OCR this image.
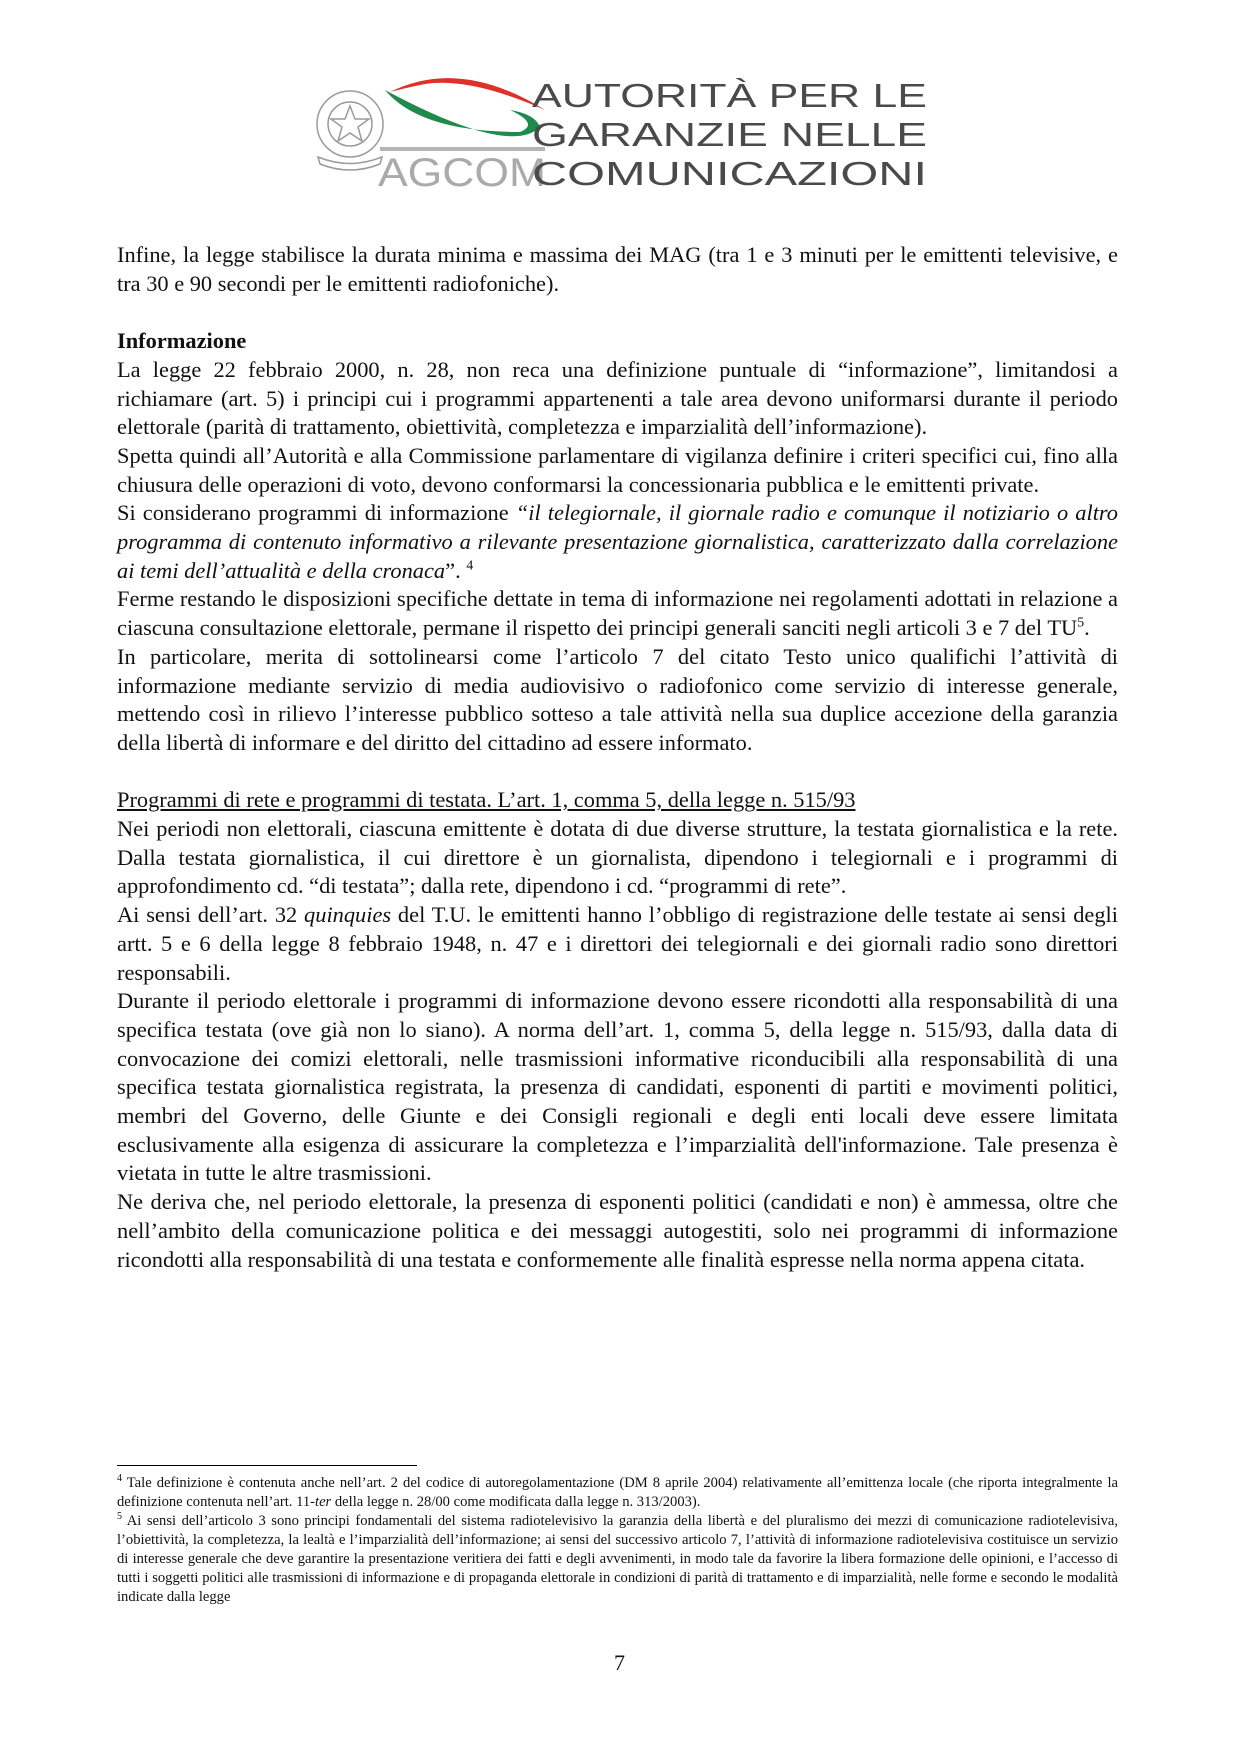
AGCOM
AUTORITÀ PER LE
GARANZIE NELLE
COMUNICAZIONI

Infine, la legge stabilisce la durata minima e massima dei MAG (tra 1 e 3 minuti per le emittenti televisive, e tra 30 e 90 secondi per le emittenti radiofoniche).

Informazione

La legge 22 febbraio 2000, n. 28, non reca una definizione puntuale di “informazione”, limitandosi a richiamare (art. 5) i principi cui i programmi appartenenti a tale area devono uniformarsi durante il periodo elettorale (parità di trattamento, obiettività, completezza e imparzialità dell’informazione).

Spetta quindi all’Autorità e alla Commissione parlamentare di vigilanza definire i criteri specifici cui, fino alla chiusura delle operazioni di voto, devono conformarsi la concessionaria pubblica e le emittenti private.

Si considerano programmi di informazione “il telegiornale, il giornale radio e comunque il notiziario o altro programma di contenuto informativo a rilevante presentazione giornalistica, caratterizzato dalla correlazione ai temi dell’attualità e della cronaca”. $^4$

Ferme restando le disposizioni specifiche dettate in tema di informazione nei regolamenti adottati in relazione a ciascuna consultazione elettorale, permane il rispetto dei principi generali sanciti negli articoli 3 e 7 del $TU^5$.

In particolare, merita di sottolinearsi come l’articolo 7 del citato Testo unico qualifichi l’attività di informazione mediante servizio di media audiovisivo o radiofonico come servizio di interesse generale, mettendo così in rilievo l’interesse pubblico sotteso a tale attività nella sua duplice accezione della garanzia della libertà di informare e del diritto del cittadino ad essere informato.

Programmi di rete e programmi di testata. L’art. 1, comma 5, della legge n. 515/93

Nei periodi non elettorali, ciascuna emittente è dotata di due diverse strutture, la testata giornalistica e la rete. Dalla testata giornalistica, il cui direttore è un giornalista, dipendono i telegiornali e i programmi di approfondimento cd. “di testata”; dalla rete, dipendono i cd. “programmi di rete”.

Ai sensi dell’art. 32 quinquies del T.U. le emittenti hanno l’obbligo di registrazione delle testate ai sensi degli artt. 5 e 6 della legge 8 febbraio 1948, n. 47 e i direttori dei telegiornali e dei giornali radio sono direttori responsabili.

Durante il periodo elettorale i programmi di informazione devono essere ricondotti alla responsabilità di una specifica testata (ove già non lo siano). A norma dell’art. 1, comma 5, della legge n. 515/93, dalla data di convocazione dei comizi elettorali, nelle trasmissioni informative riconducibili alla responsabilità di una specifica testata giornalistica registrata, la presenza di candidati, esponenti di partiti e movimenti politici, membri del Governo, delle Giunte e dei Consigli regionali e degli enti locali deve essere limitata esclusivamente alla esigenza di assicurare la completezza e l’imparzialità dell'informazione. Tale presenza è vietata in tutte le altre trasmissioni.

Ne deriva che, nel periodo elettorale, la presenza di esponenti politici (candidati e non) è ammessa, oltre che nell’ambito della comunicazione politica e dei messaggi autogestiti, solo nei programmi di informazione ricondotti alla responsabilità di una testata e conformemente alle finalità espresse nella norma appena citata.

$^4$ Tale definizione è contenuta anche nell’art. 2 del codice di autoregolamentazione (DM 8 aprile 2004) relativamente all’emittenza locale (che riporta integralmente la definizione contenuta nell’art. 11-ter della legge n. 28/00 come modificata dalla legge n. 313/2003).

$^5$ Ai sensi dell’articolo 3 sono principi fondamentali del sistema radiotelevisivo la garanzia della libertà e del pluralismo dei mezzi di comunicazione radiotelevisiva, l’obiettività, la completezza, la lealtà e l’imparzialità dell’informazione; ai sensi del successivo articolo 7, l’attività di informazione radiotelevisiva costituisce un servizio di interesse generale che deve garantire la presentazione veritiera dei fatti e degli avvenimenti, in modo tale da favorire la libera formazione delle opinioni, e l’accesso di tutti i soggetti politici alle trasmissioni di informazione e di propaganda elettorale in condizioni di parità di trattamento e di imparzialità, nelle forme e secondo le modalità indicate dalla legge

7
